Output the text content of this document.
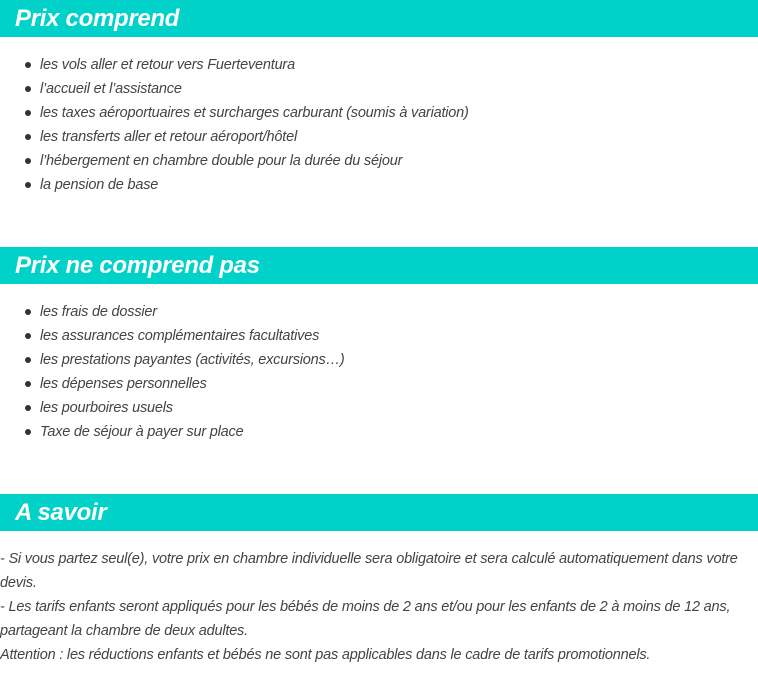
Prix comprend
les vols aller et retour vers Fuerteventura
l’accueil et l’assistance
les taxes aéroportuaires et surcharges carburant (soumis à variation)
les transferts aller et retour aéroport/hôtel
l’hébergement en chambre double pour la durée du séjour
la pension de base
Prix ne comprend pas
les frais de dossier
les assurances complémentaires facultatives
les prestations payantes (activités, excursions…)
les dépenses personnelles
les pourboires usuels
Taxe de séjour à payer sur place
A savoir

- Si vous partez seul(e), votre prix en chambre individuelle sera obligatoire et sera calculé automatiquement dans votre devis.

- Les tarifs enfants seront appliqués pour les bébés de moins de 2 ans et/ou pour les enfants de 2 à moins de 12 ans, partageant la chambre de deux adultes.

Attention : les réductions enfants et bébés ne sont pas applicables dans le cadre de tarifs promotionnels.
